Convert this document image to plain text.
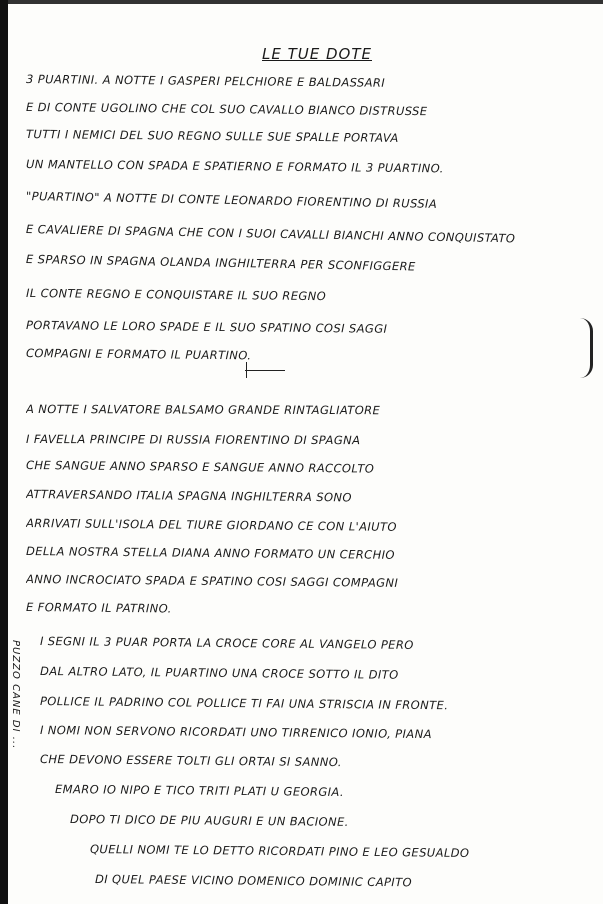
LE TUE DOTE
3 PUARTINI. A NOTTE I GASPERI PELCHIORE E BALDASSARI
E DI CONTE UGOLINO CHE COL SUO CAVALLO BIANCO DISTRUSSE
TUTTI I NEMICI DEL SUO REGNO SULLE SUE SPALLE PORTAVA
UN MANTELLO CON SPADA E SPATIERNO E FORMATO IL 3 PUARTINO.
"PUARTINO" A NOTTE DI CONTE LEONARDO FIORENTINO DI RUSSIA
E CAVALIERE DI SPAGNA CHE CON I SUOI CAVALLI BIANCHI ANNO CONQUISTATO
E SPARSO IN SPAGNA OLANDA INGHILTERRA PER SCONFIGGERE
IL CONTE REGNO E CONQUISTARE IL SUO REGNO
PORTAVANO LE LORO SPADE E IL SUO SPATINO COSI SAGGI
COMPAGNI E FORMATO IL PUARTINO.
A NOTTE I SALVATORE BALSAMO GRANDE RINTAGLIATORE
I FAVELLA PRINCIPE DI RUSSIA FIORENTINO DI SPAGNA
CHE SANGUE ANNO SPARSO E SANGUE ANNO RACCOLTO
ATTRAVERSANDO ITALIA SPAGNA INGHILTERRA SONO
ARRIVATI SULL'ISOLA DEL TIURE GIORDANO CE CON L'AIUTO
DELLA NOSTRA STELLA DIANA ANNO FORMATO UN CERCHIO
ANNO INCROCIATO SPADA E SPATINO COSI SAGGI COMPAGNI
E FORMATO IL PATRINO.
I SEGNI IL 3 PUAR PORTA LA CROCE CORE AL VANGELO PERO
DAL ALTRO LATO, IL PUARTINO UNA CROCE SOTTO IL DITO
POLLICE IL PADRINO COL POLLICE TI FAI UNA STRISCIA IN FRONTE.
I NOMI NON SERVONO RICORDATI UNO TIRRENICO IONIO, PIANA
CHE DEVONO ESSERE TOLTI GLI ORTAI SI SANNO.
EMARO IO NIPO E TICO TRITI PLATI U GEORGIA.
DOPO TI DICO DE PIU AUGURI E UN BACIONE.
QUELLI NOMI TE LO DETTO RICORDATI PINO E LEO GESUALDO
DI QUEL PAESE VICINO DOMENICO DOMINIC CAPITO
PUZZO CANE DI ...
